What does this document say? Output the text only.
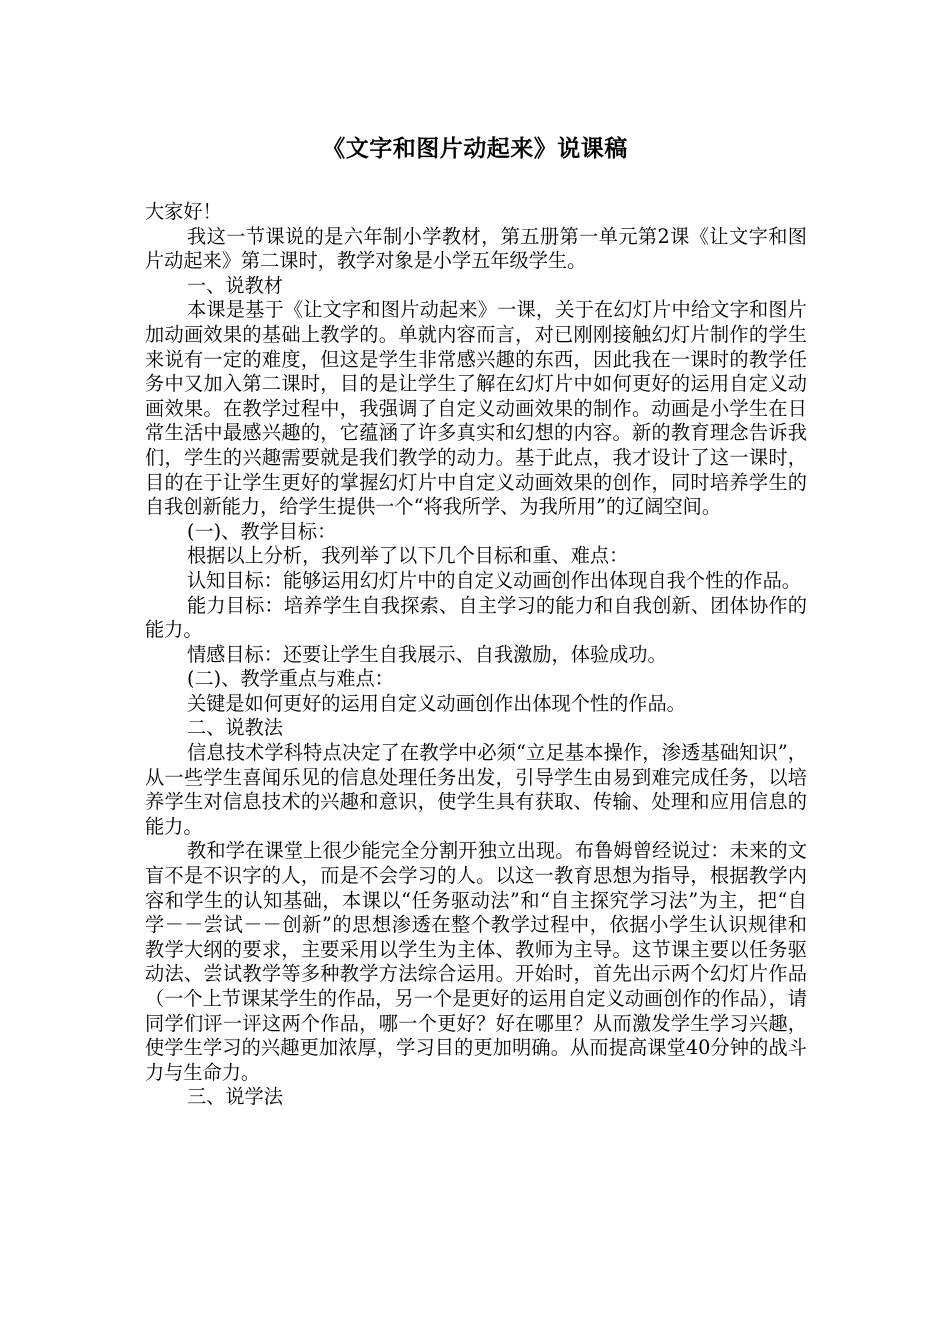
《文字和图片动起来》说课稿

大家好！

我这一节课说的是六年制小学教材，第五册第一单元第2课《让文字和图片动起来》第二课时，教学对象是小学五年级学生。

一、说教材

本课是基于《让文字和图片动起来》一课，关于在幻灯片中给文字和图片加动画效果的基础上教学的。单就内容而言，对已刚刚接触幻灯片制作的学生来说有一定的难度，但这是学生非常感兴趣的东西，因此我在一课时的教学任务中又加入第二课时，目的是让学生了解在幻灯片中如何更好的运用自定义动画效果。在教学过程中，我强调了自定义动画效果的制作。动画是小学生在日常生活中最感兴趣的，它蕴涵了许多真实和幻想的内容。新的教育理念告诉我们，学生的兴趣需要就是我们教学的动力。基于此点，我才设计了这一课时，目的在于让学生更好的掌握幻灯片中自定义动画效果的创作，同时培养学生的自我创新能力，给学生提供一个“将我所学、为我所用”的辽阔空间。

(一)、教学目标：

根据以上分析，我列举了以下几个目标和重、难点：

认知目标：能够运用幻灯片中的自定义动画创作出体现自我个性的作品。

能力目标：培养学生自我探索、自主学习的能力和自我创新、团体协作的能力。

情感目标：还要让学生自我展示、自我激励，体验成功。

(二)、教学重点与难点：

关键是如何更好的运用自定义动画创作出体现个性的作品。

二、说教法

信息技术学科特点决定了在教学中必须“立足基本操作，渗透基础知识”，从一些学生喜闻乐见的信息处理任务出发，引导学生由易到难完成任务，以培养学生对信息技术的兴趣和意识，使学生具有获取、传输、处理和应用信息的能力。

教和学在课堂上很少能完全分割开独立出现。布鲁姆曾经说过：未来的文盲不是不识字的人，而是不会学习的人。以这一教育思想为指导，根据教学内容和学生的认知基础，本课以“任务驱动法”和“自主探究学习法”为主，把“自学－－尝试－－创新”的思想渗透在整个教学过程中，依据小学生认识规律和教学大纲的要求，主要采用以学生为主体、教师为主导。这节课主要以任务驱动法、尝试教学等多种教学方法综合运用。开始时，首先出示两个幻灯片作品（一个上节课某学生的作品，另一个是更好的运用自定义动画创作的作品），请同学们评一评这两个作品，哪一个更好？好在哪里？从而激发学生学习兴趣，使学生学习的兴趣更加浓厚，学习目的更加明确。从而提高课堂40分钟的战斗力与生命力。

三、说学法
